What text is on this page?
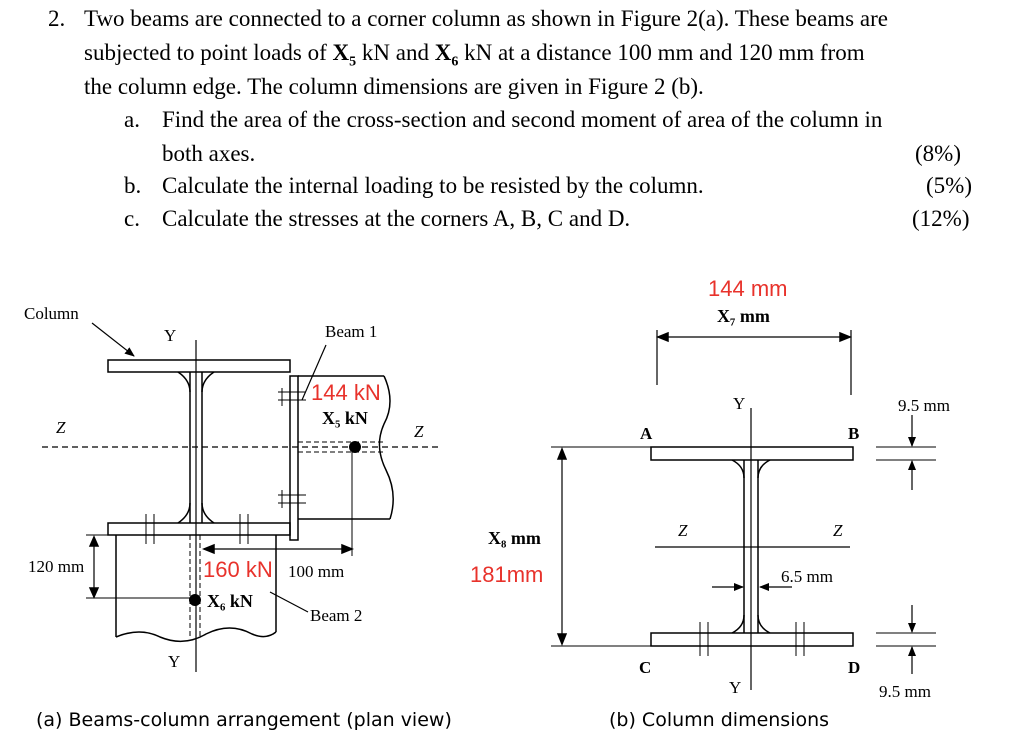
2. Two beams are connected to a corner column as shown in Figure 2(a). These beams are
subjected to point loads of $X_5$ kN and $X_6$ kN at a distance 100 mm and 120 mm from
the column edge. The column dimensions are given in Figure 2 (b).
a. Find the area of the cross-section and second moment of area of the column in
both axes.	(8%)
b. Calculate the internal loading to be resisted by the column.	(5%)
c. Calculate the stresses at the corners A, B, C and D.	(12%)
Column
Y	Beam 1
Z	Z
144 kN
X₅ kN
120 mm	160 kN 100 mm
X₆ kN
Beam 2
Y
(a) Beams-column arrangement (plan view)
144 mm
X₇ mm
Y
A	B
9.5 mm
X₈ mm
181mm
Z	Z
6.5 mm
C	D
Y	9.5 mm
(b) Column dimensions
